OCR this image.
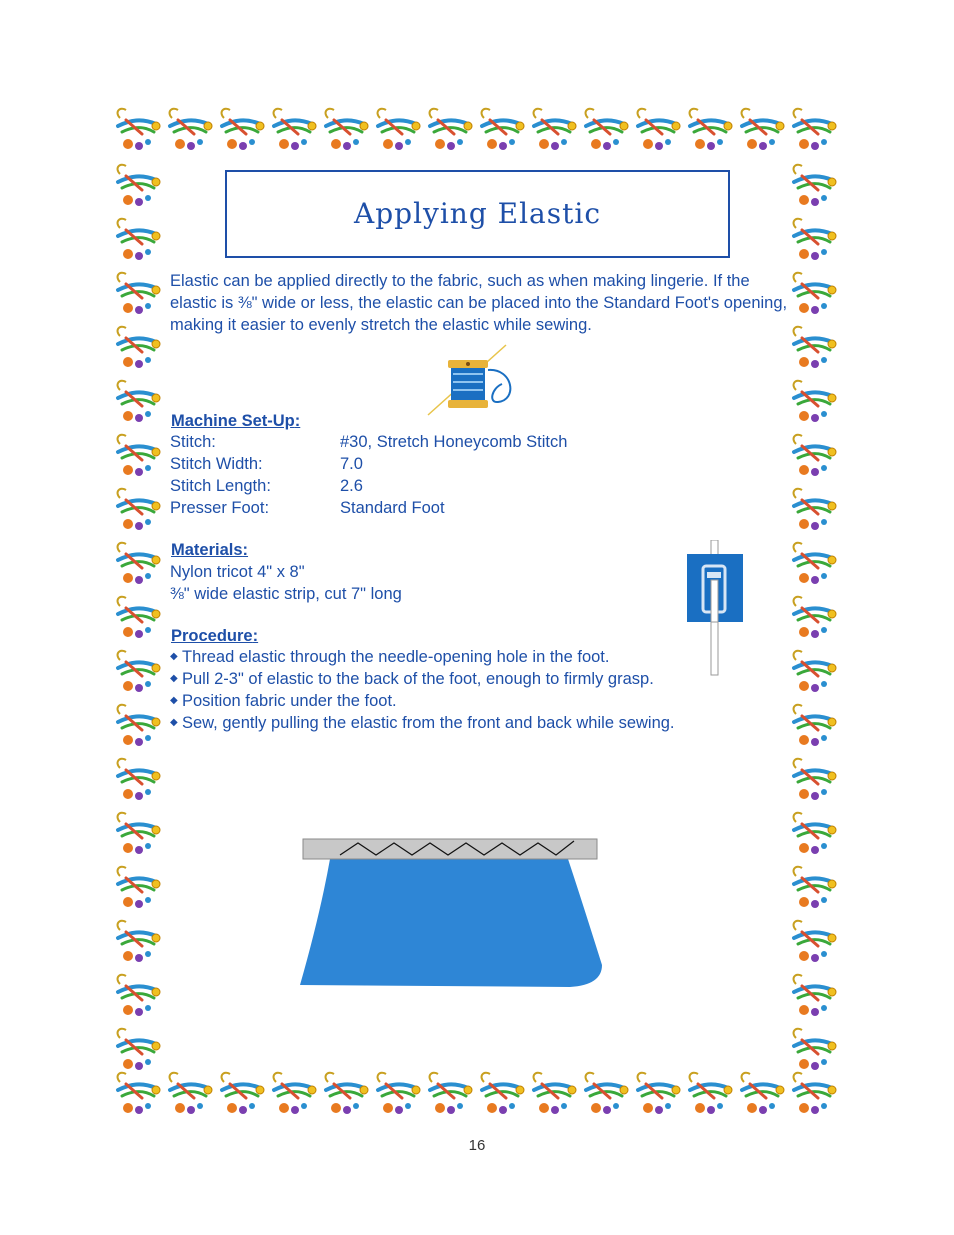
Applying Elastic

Elastic can be applied directly to the fabric, such as when making lingerie. If the elastic is ⅜" wide or less, the elastic can be placed into the Standard Foot's opening, making it easier to evenly stretch the elastic while sewing.

Machine Set-Up:
Stitch:	#30, Stretch Honeycomb Stitch
Stitch Width:	7.0
Stitch Length:	2.6
Presser Foot:	Standard Foot
Materials:
Nylon tricot 4" x 8"
⅜" wide elastic strip, cut 7" long
Procedure:
◆ Thread elastic through the needle-opening hole in the foot.
◆ Pull 2-3" of elastic to the back of the foot, enough to firmly grasp.
◆ Position fabric under the foot.
◆ Sew, gently pulling the elastic from the front and back while sewing.
16
